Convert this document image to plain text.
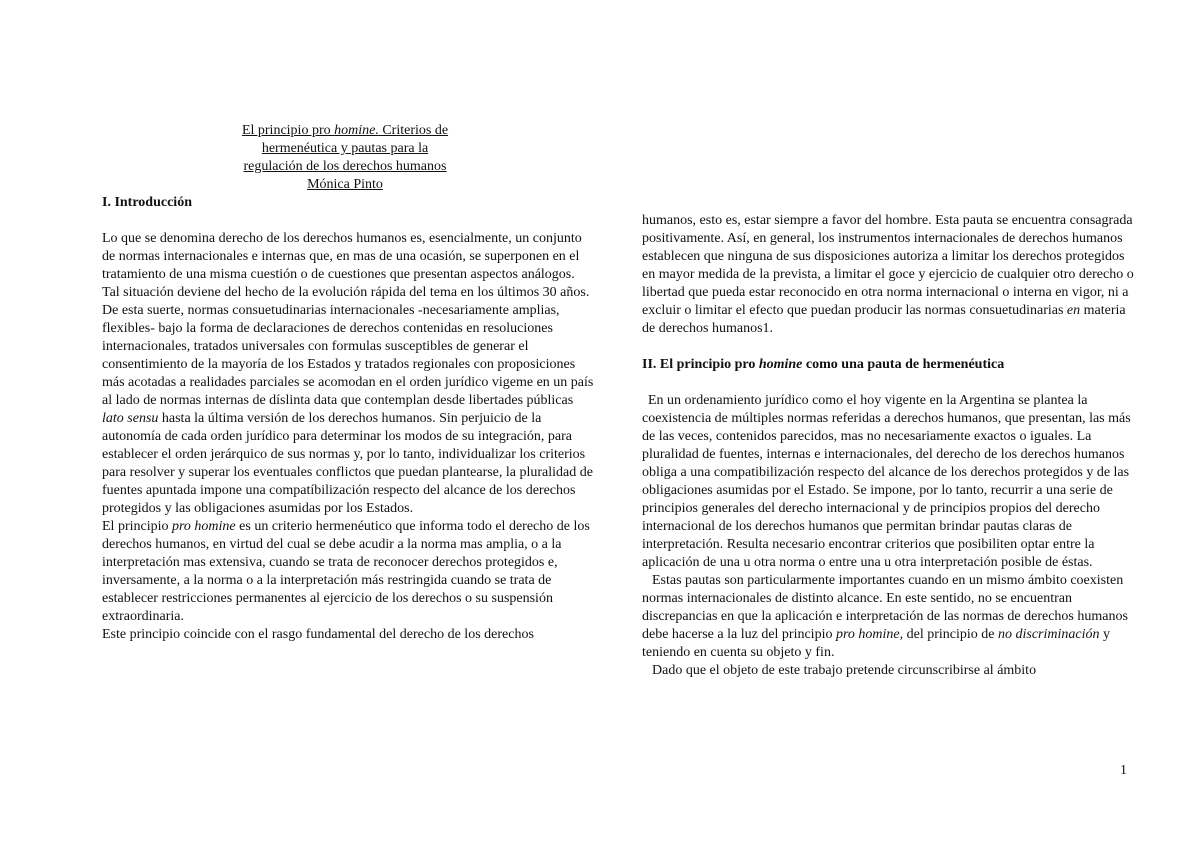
El principio pro homine. Criterios de
hermenéutica y pautas para la
regulación de los derechos humanos
Mónica Pinto

I. Introducción

Lo que se denomina derecho de los derechos humanos es, esencialmente, un conjunto de normas internacionales e internas que, en mas de una ocasión, se superponen en el tratamiento de una misma cuestión o de cuestiones que presentan aspectos análogos. Tal situación deviene del hecho de la evolución rápida del tema en los últimos 30 años.

De esta suerte, normas consuetudinarias internacionales -necesariamente amplias, flexibles- bajo la forma de declaraciones de derechos contenidas en resoluciones internacionales, tratados universales con formulas susceptibles de generar el consentimiento de la mayoría de los Estados y tratados regionales con proposiciones más acotadas a realidades parciales se acomodan en el orden jurídico vigeme en un país al lado de normas internas de díslinta data que contemplan desde libertades públicas lato sensu hasta la última versión de los derechos humanos. Sin perjuicio de la autonomía de cada orden jurídico para determinar los modos de su integración, para establecer el orden jerárquico de sus normas y, por lo tanto, individualizar los criterios para resolver y superar los eventuales conflictos que puedan plantearse, la pluralidad de fuentes apuntada impone una compatíbilización respecto del alcance de los derechos protegidos y las obligaciones asumidas por los Estados.

El principio pro homine es un criterio hermenéutico que informa todo el derecho de los derechos humanos, en virtud del cual se debe acudir a la norma mas amplia, o a la interpretación mas extensiva, cuando se trata de reconocer derechos protegidos e, inversamente, a la norma o a la interpretación más restringida cuando se trata de establecer restricciones permanentes al ejercicio de los derechos o su suspensión extraordinaria.

Este principio coincide con el rasgo fundamental del derecho de los derechos

humanos, esto es, estar siempre a favor del hombre. Esta pauta se encuentra consagrada positivamente. Así, en general, los instrumentos internacionales de derechos humanos establecen que ninguna de sus disposiciones autoriza a limitar los derechos protegidos en mayor medida de la prevista, a limitar el goce y ejercicio de cualquier otro derecho o libertad que pueda estar reconocido en otra norma internacional o interna en vigor, ni a excluir o limitar el efecto que puedan producir las normas consuetudinarias en materia de derechos humanos1.

II. El principio pro homine como una pauta de hermenéutica

En un ordenamiento jurídico como el hoy vigente en la Argentina se plantea la coexistencia de múltiples normas referidas a derechos humanos, que presentan, las más de las veces, contenidos parecidos, mas no necesariamente exactos o iguales. La pluralidad de fuentes, internas e internacionales, del derecho de los derechos humanos obliga a una compatibilización respecto del alcance de los derechos protegidos y de las obligaciones asumidas por el Estado. Se impone, por lo tanto, recurrir a una serie de principios generales del derecho internacional y de principios propios del derecho internacional de los derechos humanos que permitan brindar pautas claras de interpretación. Resulta necesario encontrar criterios que posibiliten optar entre la aplicación de una u otra norma o entre una u otra interpretación posible de éstas.

Estas pautas son particularmente importantes cuando en un mismo ámbito coexisten normas internacionales de distinto alcance. En este sentido, no se encuentran discrepancias en que la aplicación e interpretación de las normas de derechos humanos debe hacerse a la luz del principio pro homine, del principio de no discriminación y teniendo en cuenta su objeto y fin.

Dado que el objeto de este trabajo pretende circunscribirse al ámbito

1
